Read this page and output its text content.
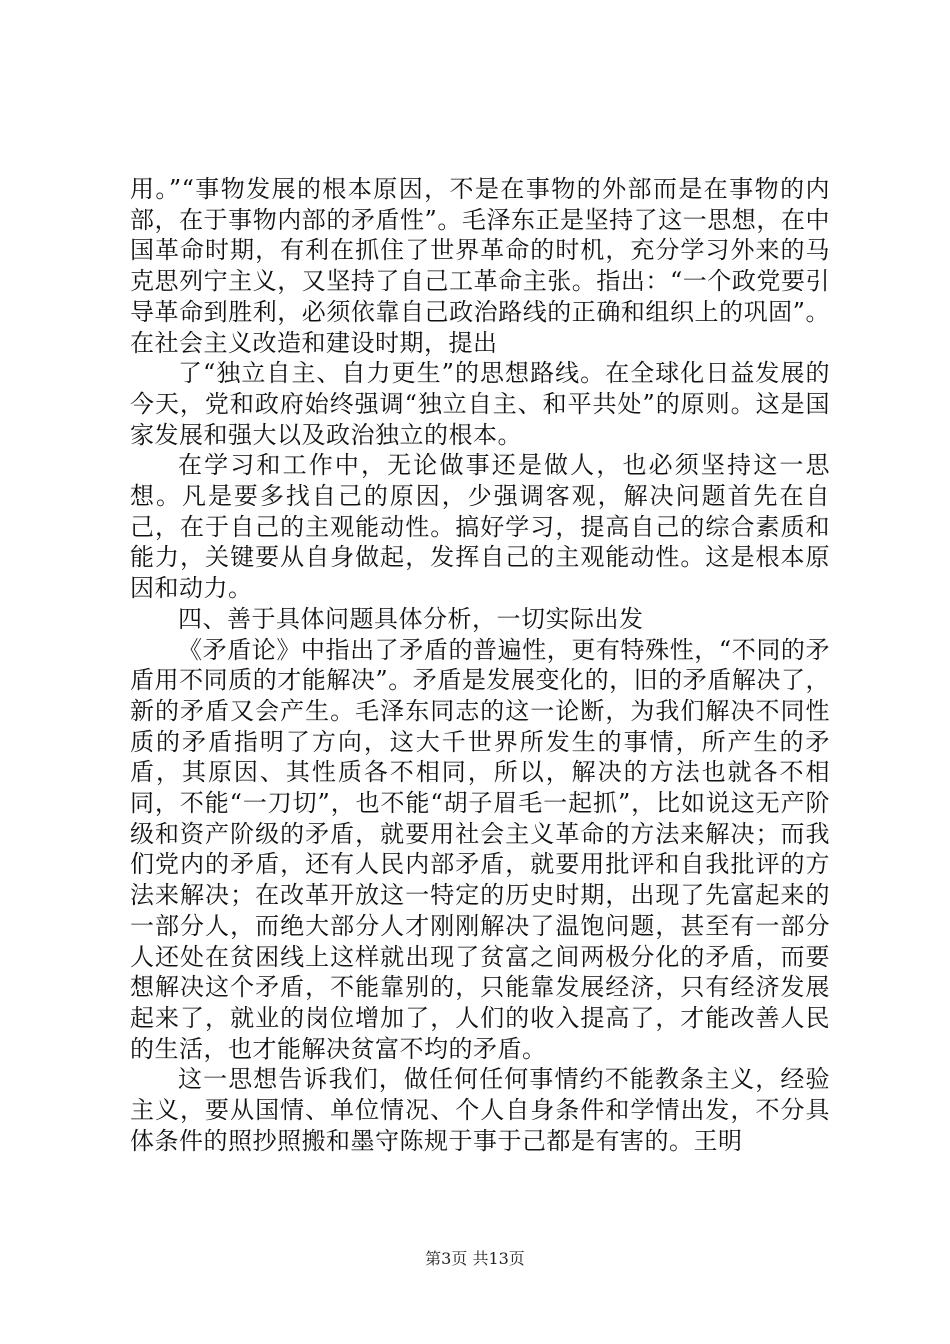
用。”“事物发展的根本原因，不是在事物的外部而是在事物的内部，在于事物内部的矛盾性”。毛泽东正是坚持了这一思想，在中国革命时期，有利在抓住了世界革命的时机，充分学习外来的马克思列宁主义，又坚持了自己工革命主张。指出：“一个政党要引导革命到胜利，必须依靠自己政治路线的正确和组织上的巩固”。在社会主义改造和建设时期，提出

了“独立自主、自力更生”的思想路线。在全球化日益发展的今天，党和政府始终强调“独立自主、和平共处”的原则。这是国家发展和强大以及政治独立的根本。

在学习和工作中，无论做事还是做人，也必须坚持这一思想。凡是要多找自己的原因，少强调客观，解决问题首先在自己，在于自己的主观能动性。搞好学习，提高自己的综合素质和能力，关键要从自身做起，发挥自己的主观能动性。这是根本原因和动力。

四、善于具体问题具体分析，一切实际出发

《矛盾论》中指出了矛盾的普遍性，更有特殊性，“不同的矛盾用不同质的才能解决”。矛盾是发展变化的，旧的矛盾解决了，新的矛盾又会产生。毛泽东同志的这一论断，为我们解决不同性质的矛盾指明了方向，这大千世界所发生的事情，所产生的矛盾，其原因、其性质各不相同，所以，解决的方法也就各不相同，不能“一刀切”，也不能“胡子眉毛一起抓”，比如说这无产阶级和资产阶级的矛盾，就要用社会主义革命的方法来解决；而我们党内的矛盾，还有人民内部矛盾，就要用批评和自我批评的方法来解决；在改革开放这一特定的历史时期，出现了先富起来的一部分人，而绝大部分人才刚刚解决了温饱问题，甚至有一部分人还处在贫困线上这样就出现了贫富之间两极分化的矛盾，而要想解决这个矛盾，不能靠别的，只能靠发展经济，只有经济发展起来了，就业的岗位增加了，人们的收入提高了，才能改善人民的生活，也才能解决贫富不均的矛盾。

这一思想告诉我们，做任何任何事情约不能教条主义，经验主义，要从国情、单位情况、个人自身条件和学情出发，不分具体条件的照抄照搬和墨守陈规于事于己都是有害的。王明

第3页 共13页
